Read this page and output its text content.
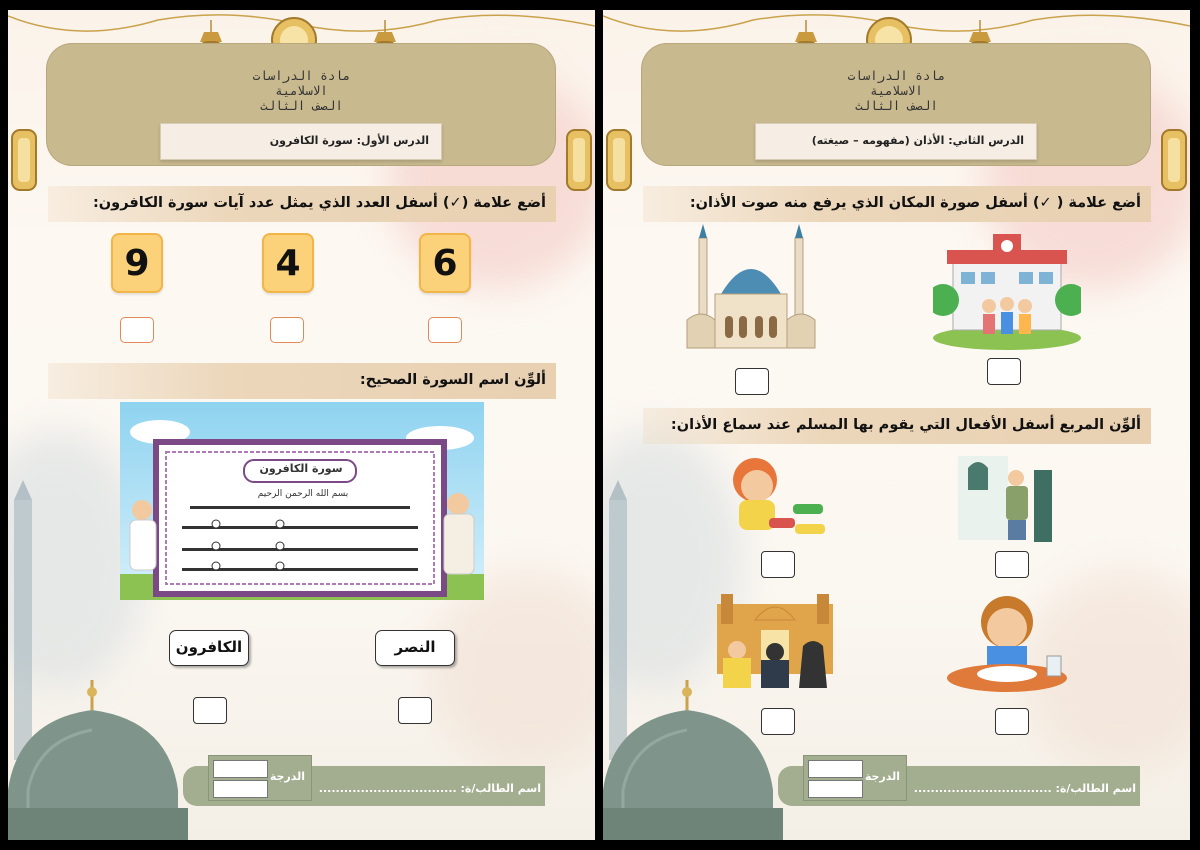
مادة الدراسات
الاسلامية
الصف الثالث
الدرس الأول: سورة الكافرون
أضع علامة (✓) أسفل العدد الذي يمثل عدد آيات سورة الكافرون:
9	4	6
ألوِّن اسم السورة الصحيح:
سورة الكافرون
بسم الله الرحمن الرحيم
الكافرون	النصر
الدرجة
اسم الطالب/ة: .................................
مادة الدراسات
الاسلامية
الصف الثالث
الدرس الثاني: الأذان (مفهومه – صيغته)
أضع علامة ( ✓) أسفل صورة المكان الذي يرفع منه صوت الأذان:
ألوِّن المربع أسفل الأفعال التي يقوم بها المسلم عند سماع الأذان:
الدرجة
اسم الطالب/ة: .................................
